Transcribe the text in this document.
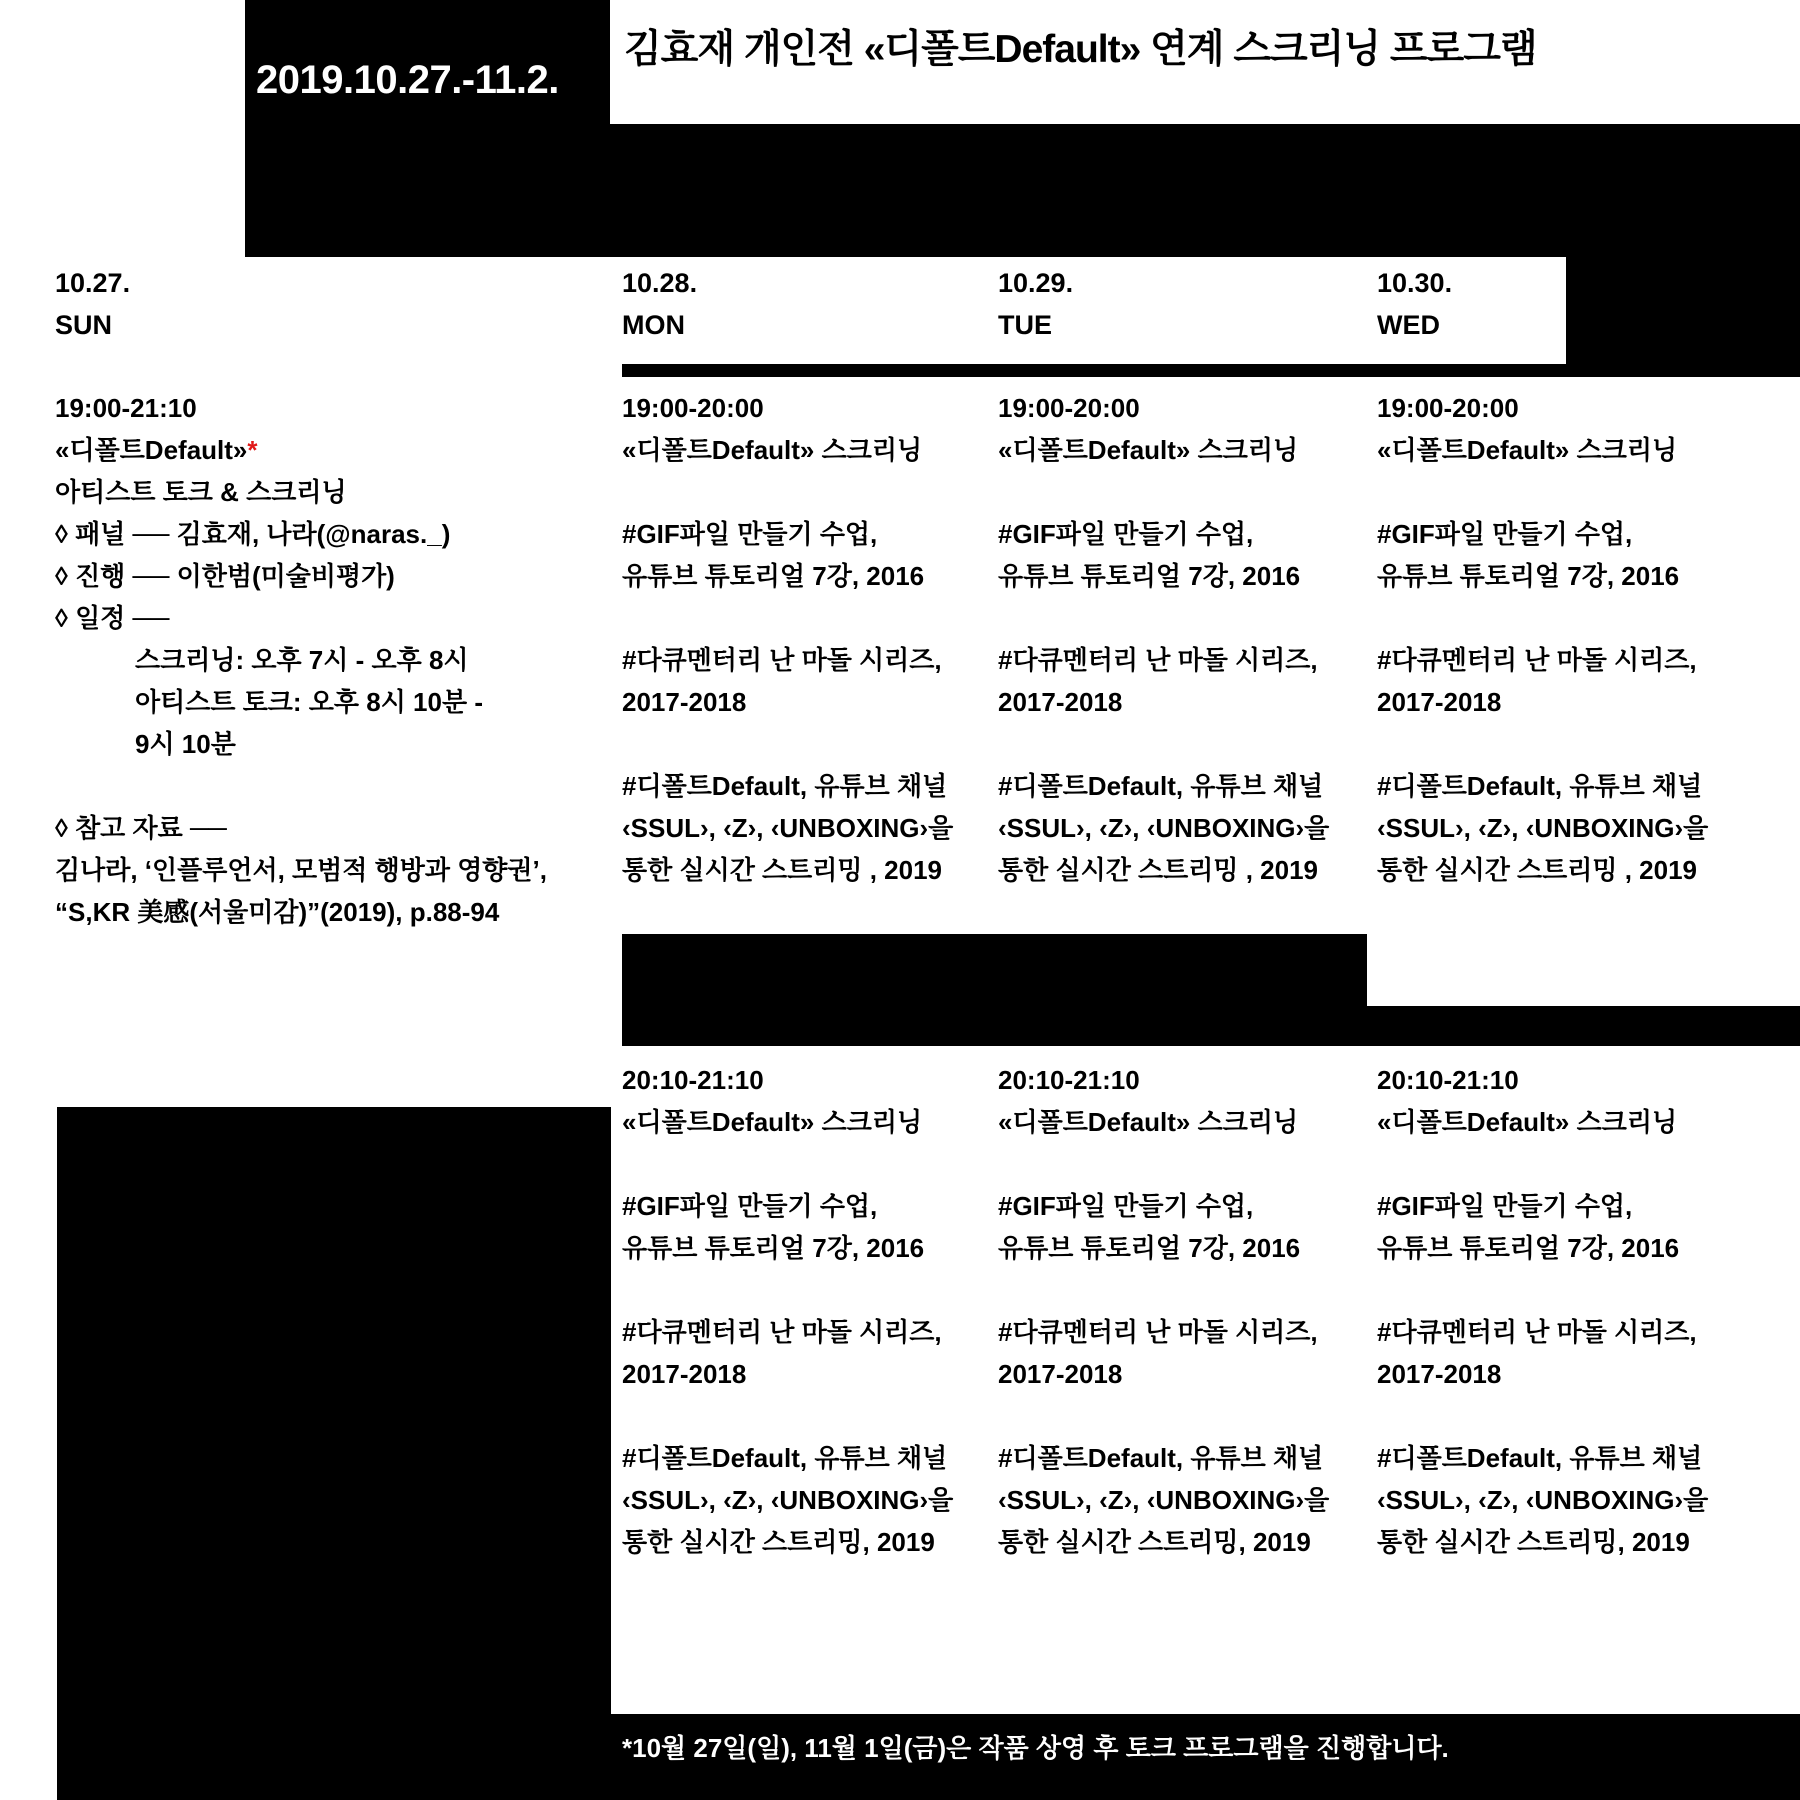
2019.10.27.-11.2.
김효재 개인전 «디폴트Default» 연계 스크리닝 프로그램
10.27.
SUN
10.28.
MON
10.29.
TUE
10.30.
WED

19:00-21:10

«디폴트Default»*

아티스트 토크 & 스크리닝

◊ 패널 ── 김효재, 나라(@naras._)

◊ 진행 ── 이한범(미술비평가)

◊ 일정 ──

스크리닝: 오후 7시 - 오후 8시

아티스트 토크: 오후 8시 10분 -

9시 10분

◊ 참고 자료 ──

김나라, ‘인플루언서, 모범적 행방과 영향권’,

“S,KR 美感(서울미감)”(2019), p.88-94

19:00-20:00

«디폴트Default» 스크리닝

#GIF파일 만들기 수업,

유튜브 튜토리얼 7강, 2016

#다큐멘터리 난 마돌 시리즈,

2017-2018

#디폴트Default, 유튜브 채널

‹SSUL›, ‹Z›, ‹UNBOXING›을

통한 실시간 스트리밍 , 2019

19:00-20:00

«디폴트Default» 스크리닝

#GIF파일 만들기 수업,

유튜브 튜토리얼 7강, 2016

#다큐멘터리 난 마돌 시리즈,

2017-2018

#디폴트Default, 유튜브 채널

‹SSUL›, ‹Z›, ‹UNBOXING›을

통한 실시간 스트리밍 , 2019

19:00-20:00

«디폴트Default» 스크리닝

#GIF파일 만들기 수업,

유튜브 튜토리얼 7강, 2016

#다큐멘터리 난 마돌 시리즈,

2017-2018

#디폴트Default, 유튜브 채널

‹SSUL›, ‹Z›, ‹UNBOXING›을

통한 실시간 스트리밍 , 2019

20:10-21:10

«디폴트Default» 스크리닝

#GIF파일 만들기 수업,

유튜브 튜토리얼 7강, 2016

#다큐멘터리 난 마돌 시리즈,

2017-2018

#디폴트Default, 유튜브 채널

‹SSUL›, ‹Z›, ‹UNBOXING›을

통한 실시간 스트리밍, 2019

20:10-21:10

«디폴트Default» 스크리닝

#GIF파일 만들기 수업,

유튜브 튜토리얼 7강, 2016

#다큐멘터리 난 마돌 시리즈,

2017-2018

#디폴트Default, 유튜브 채널

‹SSUL›, ‹Z›, ‹UNBOXING›을

통한 실시간 스트리밍, 2019

20:10-21:10

«디폴트Default» 스크리닝

#GIF파일 만들기 수업,

유튜브 튜토리얼 7강, 2016

#다큐멘터리 난 마돌 시리즈,

2017-2018

#디폴트Default, 유튜브 채널

‹SSUL›, ‹Z›, ‹UNBOXING›을

통한 실시간 스트리밍, 2019

*10월 27일(일), 11월 1일(금)은 작품 상영 후 토크 프로그램을 진행합니다.
